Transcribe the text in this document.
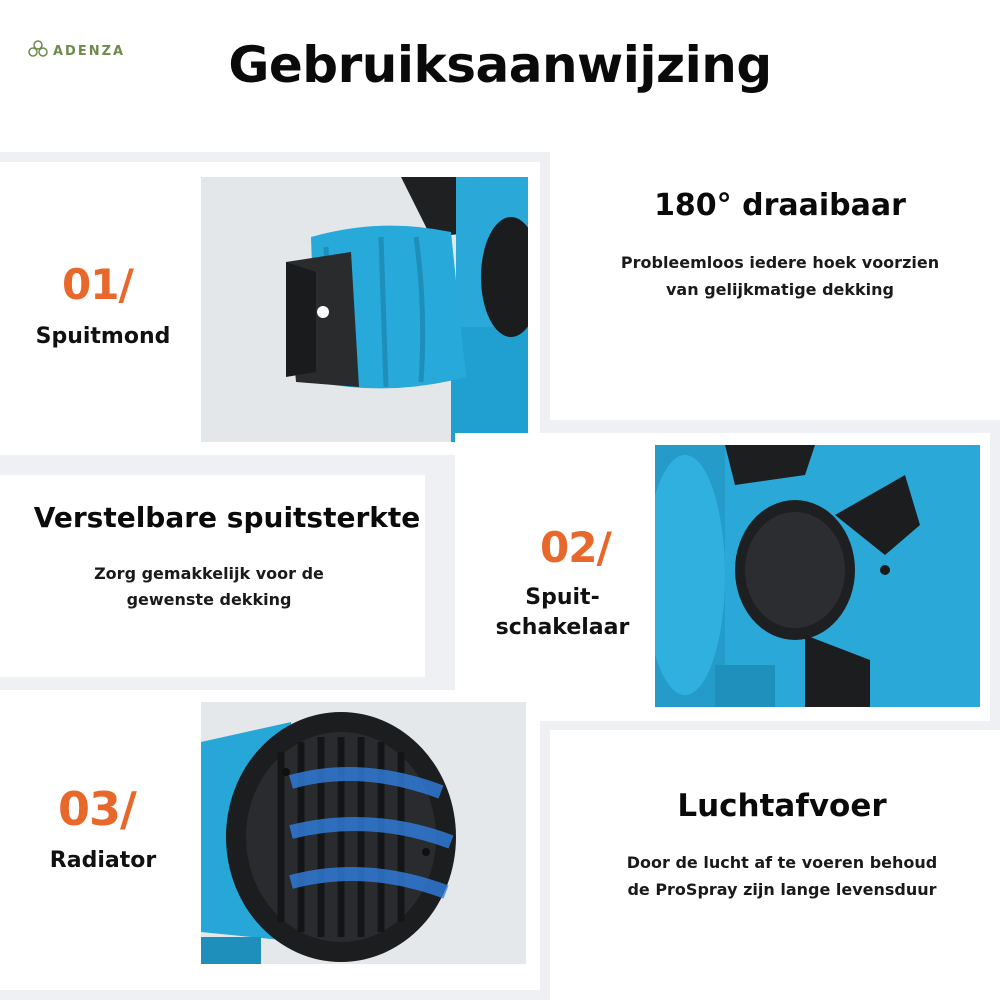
ADENZA	Gebruiksaanwijzing
01/
Spuitmond
180° draaibaar
Probleemloos iedere hoek voorzien
van gelijkmatige dekking
Verstelbare spuitsterkte
Zorg gemakkelijk voor de
gewenste dekking
02/
Spuit-
schakelaar
03/
Radiator
Luchtafvoer
Door de lucht af te voeren behoud
de ProSpray zijn lange levensduur
